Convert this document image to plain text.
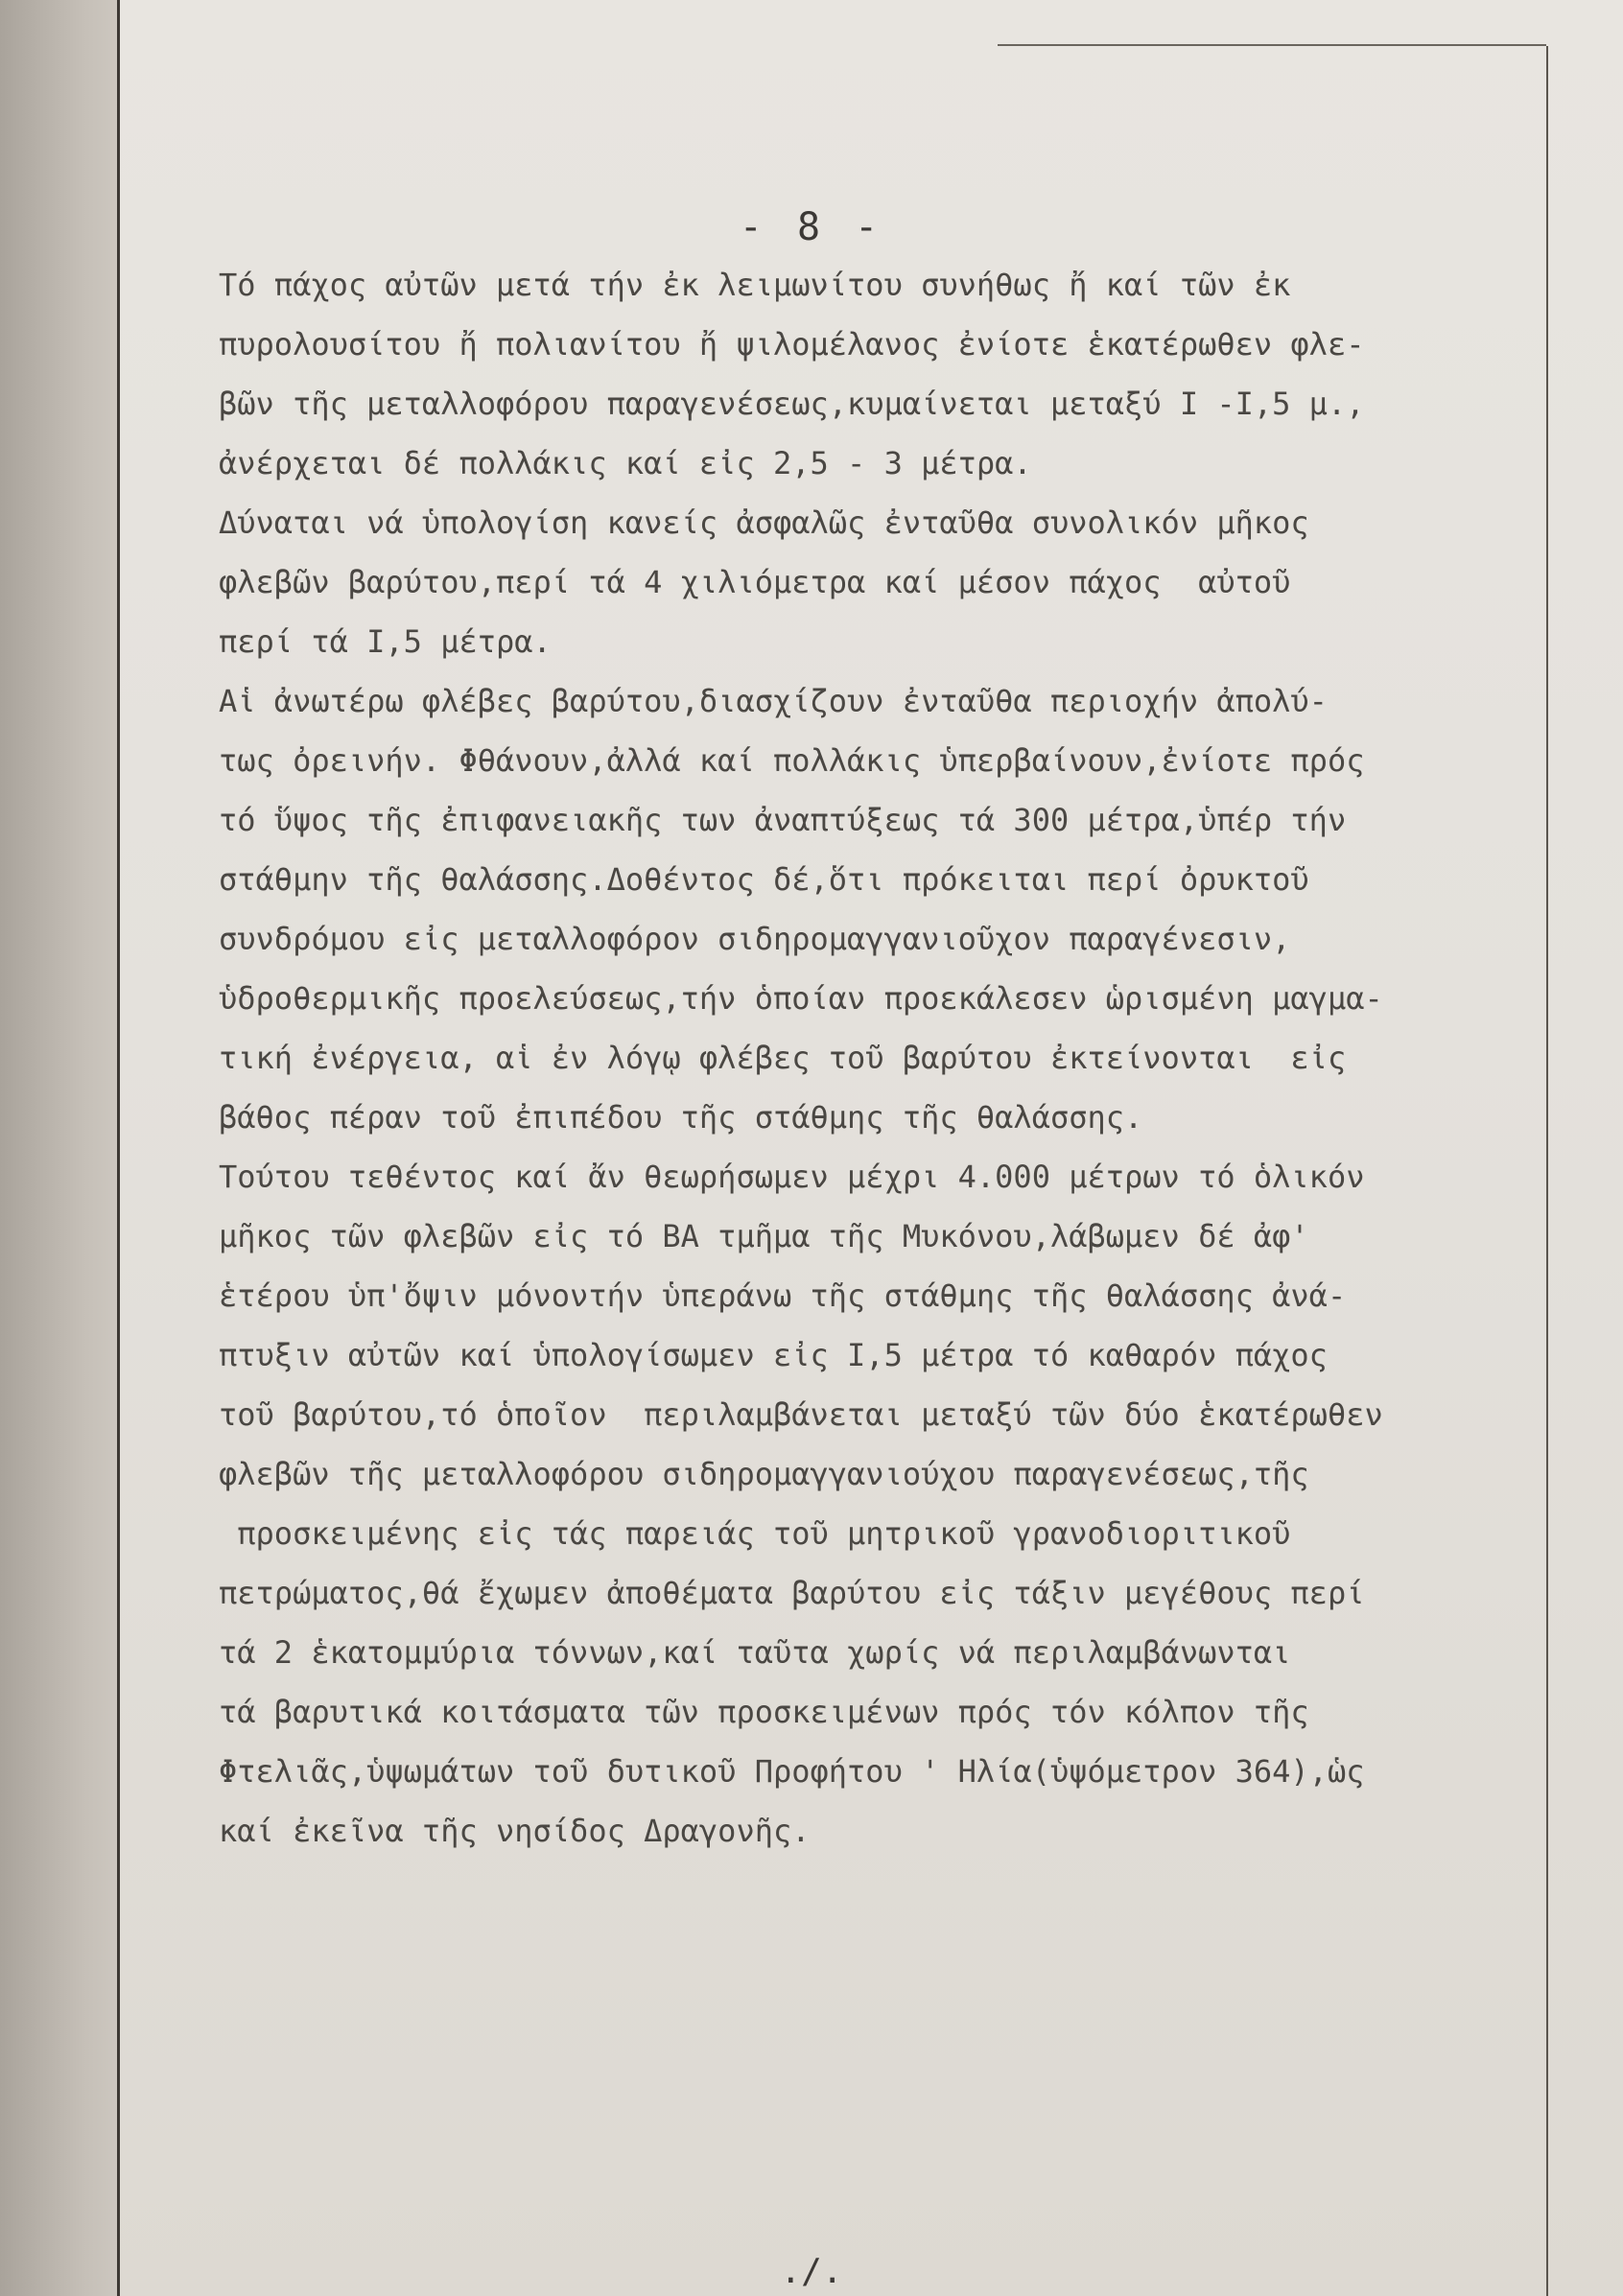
- 8 -
Τό πάχος αὐτῶν μετά τήν ἐκ λειμωνίτου συνήθως ἤ καί τῶν ἐκ
πυρολουσίτου ἤ πολιανίτου ἤ ψιλομέλανος ἐνίοτε ἑκατέρωθεν φλε-
βῶν τῆς μεταλλοφόρου παραγενέσεως,κυμαίνεται μεταξύ Ι -Ι,5 μ.,
ἀνέρχεται δέ πολλάκις καί εἰς 2,5 - 3 μέτρα.
Δύναται νά ὑπολογίση κανείς ἀσφαλῶς ἐνταῦθα συνολικόν μῆκος
φλεβῶν βαρύτου,περί τά 4 χιλιόμετρα καί μέσον πάχος  αὐτοῦ
περί τά Ι,5 μέτρα.
Αἱ ἀνωτέρω φλέβες βαρύτου,διασχίζουν ἐνταῦθα περιοχήν ἀπολύ-
τως ὀρεινήν. Φθάνουν,ἀλλά καί πολλάκις ὑπερβαίνουν,ἐνίοτε πρός
τό ὕψος τῆς ἐπιφανειακῆς των ἀναπτύξεως τά 300 μέτρα,ὑπέρ τήν
στάθμην τῆς θαλάσσης.Δοθέντος δέ,ὅτι πρόκειται περί ὀρυκτοῦ
συνδρόμου εἰς μεταλλοφόρον σιδηρομαγγανιοῦχον παραγένεσιν,
ὑδροθερμικῆς προελεύσεως,τήν ὁποίαν προεκάλεσεν ὡρισμένη μαγμα-
τική ἐνέργεια, αἱ ἐν λόγῳ φλέβες τοῦ βαρύτου ἐκτείνονται  εἰς
βάθος πέραν τοῦ ἐπιπέδου τῆς στάθμης τῆς θαλάσσης.
Τούτου τεθέντος καί ἄν θεωρήσωμεν μέχρι 4.000 μέτρων τό ὁλικόν
μῆκος τῶν φλεβῶν εἰς τό ΒΑ τμῆμα τῆς Μυκόνου,λάβωμεν δέ ἀφ'
ἑτέρου ὑπ'ὄψιν μόνοντήν ὑπεράνω τῆς στάθμης τῆς θαλάσσης ἀνά-
πτυξιν αὐτῶν καί ὑπολογίσωμεν εἰς Ι,5 μέτρα τό καθαρόν πάχος
τοῦ βαρύτου,τό ὁποῖον  περιλαμβάνεται μεταξύ τῶν δύο ἑκατέρωθεν
φλεβῶν τῆς μεταλλοφόρου σιδηρομαγγανιούχου παραγενέσεως,τῆς
προσκειμένης εἰς τάς παρειάς τοῦ μητρικοῦ γρανοδιοριτικοῦ
πετρώματος,θά ἔχωμεν ἀποθέματα βαρύτου εἰς τάξιν μεγέθους περί
τά 2 ἑκατομμύρια τόννων,καί ταῦτα χωρίς νά περιλαμβάνωνται
τά βαρυτικά κοιτάσματα τῶν προσκειμένων πρός τόν κόλπον τῆς
Φτελιᾶς,ὑψωμάτων τοῦ δυτικοῦ Προφήτου ' Ηλία(ὑψόμετρον 364),ὡς
καί ἐκεῖνα τῆς νησίδος Δραγονῆς.
./.
